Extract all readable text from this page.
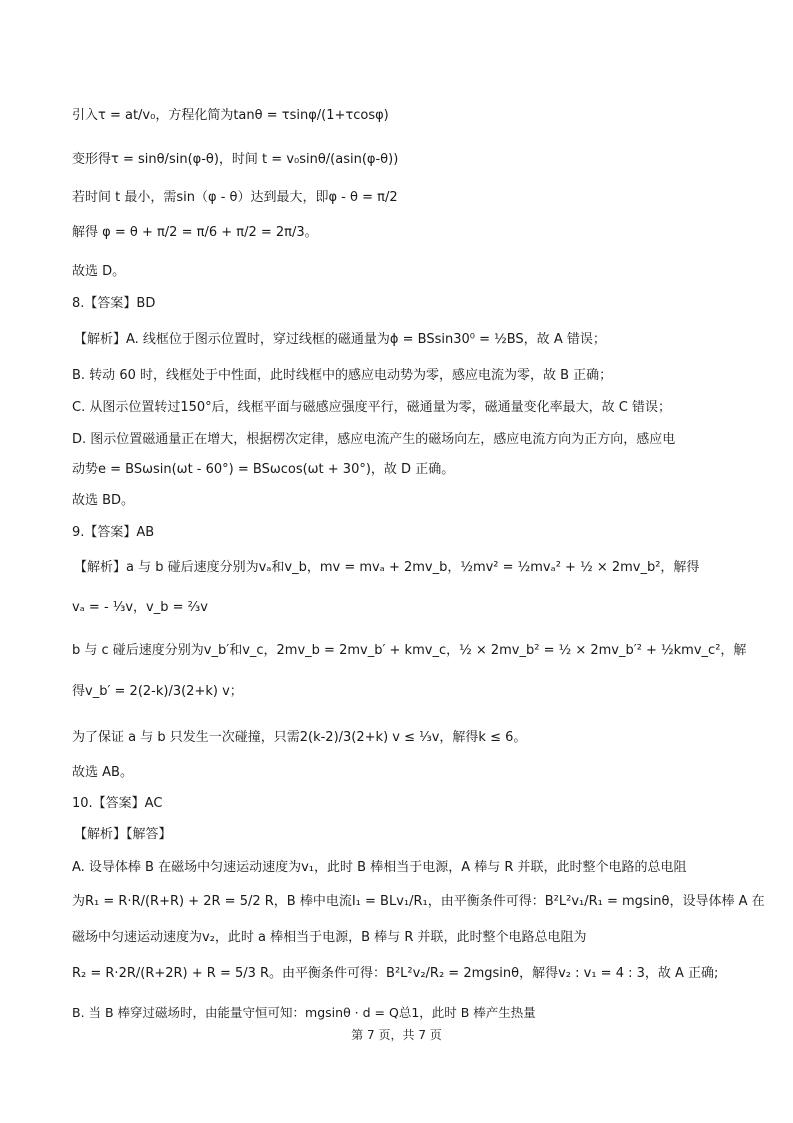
引入τ = at/v₀，方程化简为tanθ = τsinφ/(1+τcosφ)
变形得τ = sinθ/sin(φ-θ)，时间 t = v₀sinθ/(asin(φ-θ))
若时间 t 最小，需sin（φ - θ）达到最大，即φ - θ = π/2
解得 φ = θ + π/2 = π/6 + π/2 = 2π/3。
故选 D。
8.【答案】BD
【解析】A. 线框位于图示位置时，穿过线框的磁通量为ϕ = BSsin30⁰ = ½BS，故 A 错误；
B. 转动 60 时，线框处于中性面，此时线框中的感应电动势为零，感应电流为零，故 B 正确；
C. 从图示位置转过150°后，线框平面与磁感应强度平行，磁通量为零，磁通量变化率最大，故 C 错误；
D. 图示位置磁通量正在增大，根据楞次定律，感应电流产生的磁场向左，感应电流方向为正方向，感应电
动势e = BSωsin(ωt - 60°) = BSωcos(ωt + 30°)，故 D 正确。
故选 BD。
9.【答案】AB
【解析】a 与 b 碰后速度分别为vₐ和v_b，mv = mvₐ + 2mv_b，½mv² = ½mvₐ² + ½ × 2mv_b²，解得
vₐ = - ⅓v，v_b = ⅔v
b 与 c 碰后速度分别为v_b′和v_c，2mv_b = 2mv_b′ + kmv_c，½ × 2mv_b² = ½ × 2mv_b′² + ½kmv_c²，解
得v_b′ = 2(2-k)/3(2+k) v；
为了保证 a 与 b 只发生一次碰撞，只需2(k-2)/3(2+k) v ≤ ⅓v，解得k ≤ 6。
故选 AB。
10.【答案】AC
【解析】【解答】
A. 设导体棒 B 在磁场中匀速运动速度为v₁，此时 B 棒相当于电源，A 棒与 R 并联，此时整个电路的总电阻
为R₁ = R·R/(R+R) + 2R = 5/2 R，B 棒中电流I₁ = BLv₁/R₁，由平衡条件可得：B²L²v₁/R₁ = mgsinθ，设导体棒 A 在
磁场中匀速运动速度为v₂，此时 a 棒相当于电源，B 棒与 R 并联，此时整个电路总电阻为
R₂ = R·2R/(R+2R) + R = 5/3 R。由平衡条件可得：B²L²v₂/R₂ = 2mgsinθ，解得v₂ : v₁ = 4 : 3，故 A 正确;
B. 当 B 棒穿过磁场时，由能量守恒可知：mgsinθ · d = Q总1，此时 B 棒产生热量
第 7 页，共 7 页
